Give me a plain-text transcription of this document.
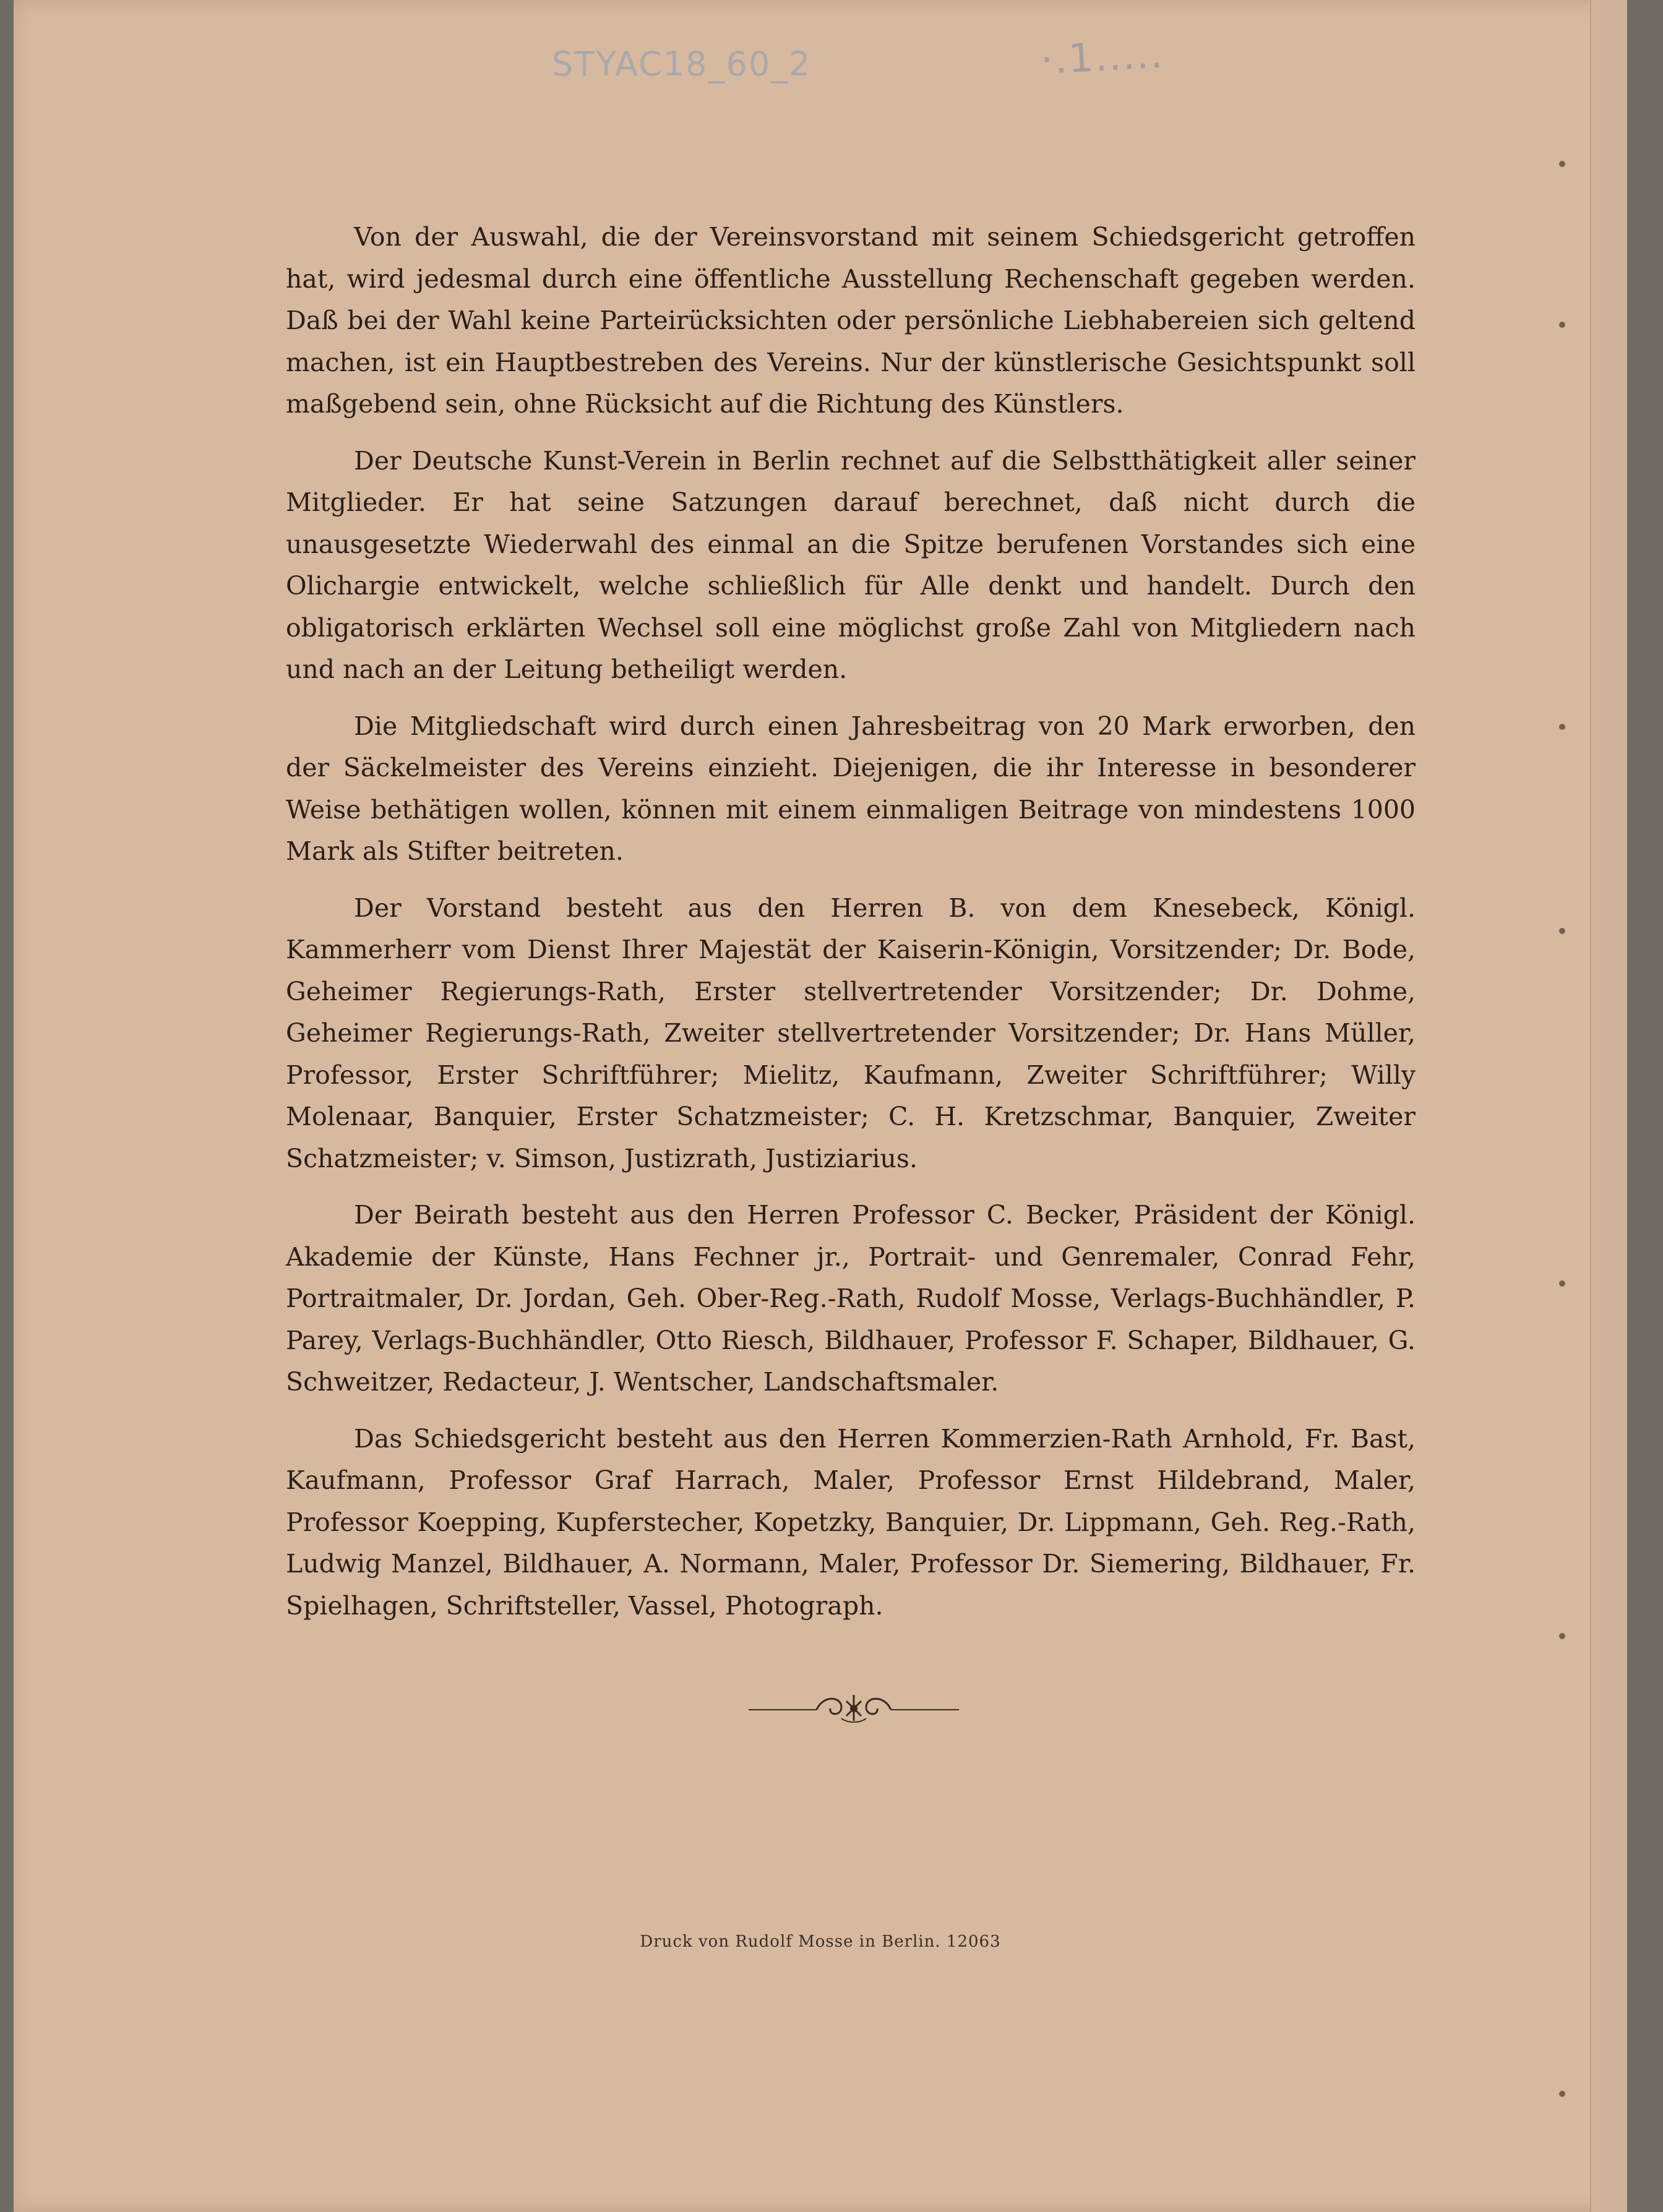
STYAC18_60_2	·.1.....

Von der Auswahl, die der Vereinsvorstand mit seinem Schiedsgericht getroffen hat, wird jedesmal durch eine öffentliche Ausstellung Rechenschaft gegeben werden. Daß bei der Wahl keine Parteirücksichten oder persönliche Liebhabereien sich geltend machen, ist ein Hauptbestreben des Vereins. Nur der künstlerische Gesichtspunkt soll maßgebend sein, ohne Rücksicht auf die Richtung des Künstlers.

Der Deutsche Kunst-Verein in Berlin rechnet auf die Selbstthätigkeit aller seiner Mitglieder. Er hat seine Satzungen darauf berechnet, daß nicht durch die unausgesetzte Wiederwahl des einmal an die Spitze berufenen Vorstandes sich eine Olichargie entwickelt, welche schließlich für Alle denkt und handelt. Durch den obligatorisch erklärten Wechsel soll eine möglichst große Zahl von Mitgliedern nach und nach an der Leitung betheiligt werden.

Die Mitgliedschaft wird durch einen Jahresbeitrag von 20 Mark erworben, den der Säckelmeister des Vereins einzieht. Diejenigen, die ihr Interesse in besonderer Weise bethätigen wollen, können mit einem einmaligen Beitrage von mindestens 1000 Mark als Stifter beitreten.

Der Vorstand besteht aus den Herren B. von dem Knesebeck, Königl. Kammerherr vom Dienst Ihrer Majestät der Kaiserin-Königin, Vorsitzender; Dr. Bode, Geheimer Regierungs-Rath, Erster stellvertretender Vorsitzender; Dr. Dohme, Geheimer Regierungs-Rath, Zweiter stellvertretender Vorsitzender; Dr. Hans Müller, Professor, Erster Schriftführer; Mielitz, Kaufmann, Zweiter Schriftführer; Willy Molenaar, Banquier, Erster Schatzmeister; C. H. Kretzschmar, Banquier, Zweiter Schatzmeister; v. Simson, Justizrath, Justiziarius.

Der Beirath besteht aus den Herren Professor C. Becker, Präsident der Königl. Akademie der Künste, Hans Fechner jr., Portrait- und Genremaler, Conrad Fehr, Portraitmaler, Dr. Jordan, Geh. Ober-Reg.-Rath, Rudolf Mosse, Verlags-Buchhändler, P. Parey, Verlags-Buchhändler, Otto Riesch, Bildhauer, Professor F. Schaper, Bildhauer, G. Schweitzer, Redacteur, J. Wentscher, Landschaftsmaler.

Das Schiedsgericht besteht aus den Herren Kommerzien-Rath Arnhold, Fr. Bast, Kaufmann, Professor Graf Harrach, Maler, Professor Ernst Hildebrand, Maler, Professor Koepping, Kupferstecher, Kopetzky, Banquier, Dr. Lippmann, Geh. Reg.-Rath, Ludwig Manzel, Bildhauer, A. Normann, Maler, Professor Dr. Siemering, Bildhauer, Fr. Spielhagen, Schriftsteller, Vassel, Photograph.

Druck von Rudolf Mosse in Berlin. 12063
